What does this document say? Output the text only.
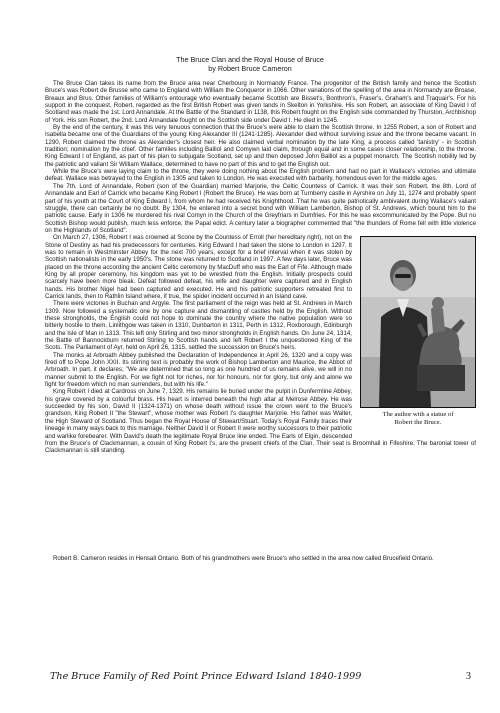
The Bruce Clan and the Royal House of Bruce
by Robert Bruce Cameron

The Bruce Clan takes its name from the Bruce area near Cherbourg in Normandy France. The progenitor of the British family and hence the Scottish Bruce's was Robert de Brusse who came to England with William the Conqueror in 1066. Other variations of the spelling of the area in Normandy are Broase, Breaux and Brus. Other families of William's entourage who eventually became Scottish are Bisset's, Bonthron's, Fraser's, Graham's and Traquair's. For his support in the conquest, Robert, regarded as the first British Robert was given lands in Skelton in Yorkshire. His son Robert, an associate of King David I of Scotland was made the 1st. Lord Annandale. At the Battle of the Standard in 1138, this Robert fought on the English side commanded by Thurston, Archbishop of York. His son Robert, the 2nd. Lord Annandale fought on the Scottish side under David I. He died in 1245.

By the end of the century, it was this very tenuous connection that the Bruce's were able to claim the Scottish throne. In 1255 Robert, a son of Robert and Isabella became one of the Guardians of the young King Alexander III (1241-1285). Alexander died without surviving issue and the throne became vacant. In 1290, Robert claimed the throne as Alexander's closest heir. He also claimed verbal nomination by the late King, a process called 'tanistry' - in Scottish tradition; nomination by the chief. Other families including Balliol and Comywn laid claim, through equal and in some cases closer relationship, to the throne. King Edward I of England, as part of his plan to subjugate Scotland, set up and then deposed John Balliol as a puppet monarch. The Scottish nobility led by the patriotic and valiant Sir William Wallace, determined to have no part of this and to get the English out.

While the Bruce's were laying claim to the throne, they were doing nothing about the English problem and had no part in Wallace's victories and ultimate defeat. Wallace was betrayed to the English in 1305 and taken to London. He was executed with barbarity, horrendous even for the middle ages.

The 7th. Lord of Annandale, Robert (son of the Guardian) married Marjorie, the Celtic Countess of Carrick. It was their son Robert, the 8th. Lord of Annandale and Earl of Carrick who became King Robert I (Robert the Bruce). He was born at Turnberry castle in Ayrshire on July 11, 1274 and probably spent part of his youth at the Court of King Edward I, from whom he had received his Knighthood. That he was quite patriotically ambivalent during Wallace's valiant struggle, there can certainly be no doubt. By 1304, he entered into a secret bond with William Lamberton, Bishop of St. Andrews, which bound him to the patriotic cause. Early in 1306 he murdered his rival Comyn in the Church of the Greyfriars in Dumfries. For this he was excommunicated by the Pope. But no Scottish Bishop would publish, much less enforce, the Papal edict. A century later a biographer commented that "the thunders of Rome fell with little violence on the Highlands of Scotland".

The author with a statue of
Robert the Bruce.

On March 27, 1306, Robert I was crowned at Scone by the Countess of Erroll (her hereditary right), not on the Stone of Destiny as had his predecessors for centuries. King Edward I had taken the stone to London in 1297. It was to remain in Westminster Abbey for the next 700 years, except for a brief interval when it was stolen by Scottish nationalists in the early 1950's. The stone was returned to Scotland in 1997. A few days later, Bruce was placed on the throne according the ancient Celtic ceremony by MacDuff who was the Earl of Fife. Although made King by all proper ceremony, his kingdom was yet to be wrestled from the English. Initially prospects could scarcely have been more bleak. Defeat followed defeat, his wife and daughter were captured and in English hands. His brother Nigel had been captured and executed. He and his patriotic supporters retreated first to Carrick lands, then to Rathlin Island where, if true, the spider incident occurred in an Island cave.

There were victories in Buchan and Argyle. The first parliament of the reign was held at St. Andrews in March 1309. Now followed a systematic one by one capture and dismantling of castles held by the English. Without these strongholds, the English could not hope to dominate the country where the native population were so bitterly hostile to them. Linlithgow was taken in 1310, Dunbarton in 1311, Perth in 1312, Roxborough, Edinburgh and the Isle of Man in 1313. This left only Stirling and two minor strongholds in English hands. On June 24, 1314, the Battle of Bannockburn returned Stirling to Scottish hands and left Robert I the unquestioned King of the Scots. The Parliament of Ayr, held on April 26, 1315, settled the succession on Bruce's heirs.

The monks at Arbroath Abbey published the Declaration of Independence in April 26, 1320 and a copy was fired off to Pope John XXII. Its stirring text is probably the work of Bishop Lamberton and Maurice, the Abbot of Arbroath. In part, it declares; "We are determined that so long as one hundred of us remains alive, we will in no manner submit to the English. For we fight not for riches, nor for honours, nor for glory, but only and alone we fight for freedom which no man surrenders, but with his life."

King Robert I died at Cardross on June 7, 1329. His remains lie buried under the pulpit in Dunfermline Abbey, his grave covered by a colourful brass. His heart is interred beneath the high altar at Melrose Abbey. He was succeeded by his son, David II (1324-1371) on whose death without issue the crown went to the Bruce's grandson, King Robert II "the Stewart", whose mother was Robert I's daughter Marjorie. His father was Walter, the High Steward of Scotland. Thus began the Royal House of Stewart/Stuart. Today's Royal Family traces their lineage in many ways back to this marriage. Neither David II or Robert II were worthy successors to their patriotic and warlike forebearer. With David's death the legitimate Royal Bruce line ended. The Earls of Elgin, descended from the Bruce's of Clackmannan, a cousin of King Robert I's, are the present chiefs of the Clan. Their seat is Broomhall in Fifeshire. The baronial tower of Clackmannan is still standing.

Robert B. Cameron resides in Hensall Ontario. Both of his grandmothers were Bruce's who settled in the area now called Brucefield Ontario.

The Bruce Family of Red Point Prince Edward Island 1840-1999	3
